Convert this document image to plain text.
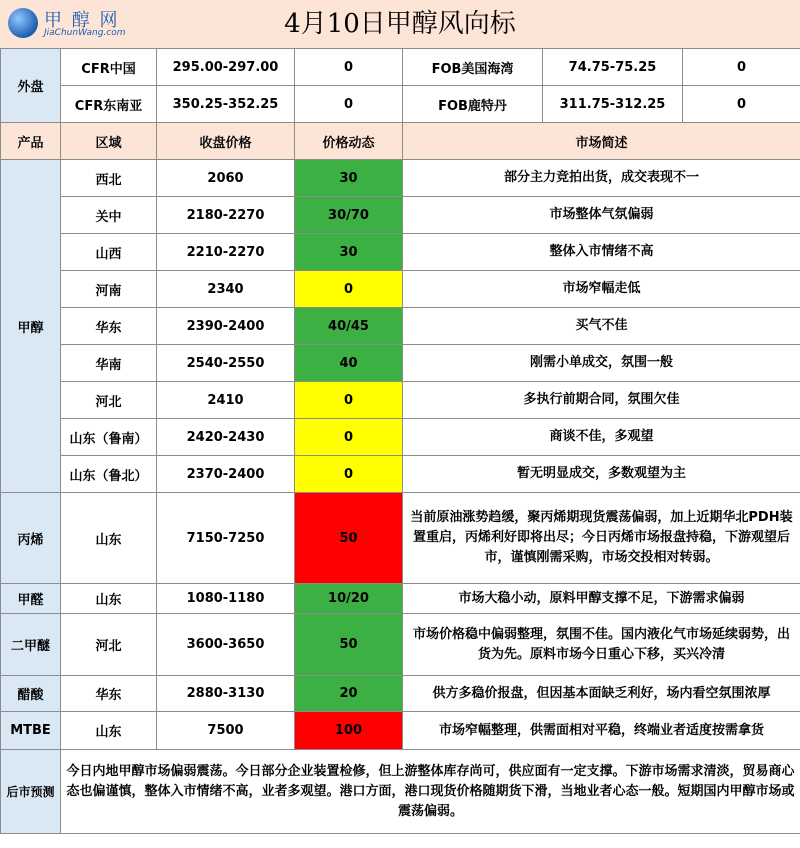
4月10日甲醇风向标
甲 醇 网
JiaChunWang.com
外盘	CFR中国	295.00-297.00	0	FOB美国海湾	74.75-75.25	0
	CFR东南亚	350.25-352.25	0	FOB鹿特丹	311.75-312.25	0
产品	区域	收盘价格	价格动态	市场简述		
甲醇	西北	2060	30	部分主力竞拍出货，成交表现不一		
	关中	2180-2270	30/70	市场整体气氛偏弱		
	山西	2210-2270	30	整体入市情绪不高		
	河南	2340	0	市场窄幅走低		
	华东	2390-2400	40/45	买气不佳		
	华南	2540-2550	40	刚需小单成交，氛围一般		
	河北	2410	0	多执行前期合同，氛围欠佳		
	山东（鲁南）	2420-2430	0	商谈不佳，多观望		
	山东（鲁北）	2370-2400	0	暂无明显成交，多数观望为主		
丙烯	山东	7150-7250	50	当前原油涨势趋缓，聚丙烯期现货震荡偏弱，加上近期华北PDH装置重启，丙烯利好即将出尽；今日丙烯市场报盘持稳，下游观望后市，谨慎刚需采购，市场交投相对转弱。		
甲醛	山东	1080-1180	10/20	市场大稳小动，原料甲醇支撑不足，下游需求偏弱		
二甲醚	河北	3600-3650	50	市场价格稳中偏弱整理，氛围不佳。国内液化气市场延续弱势，出货为先。原料市场今日重心下移，买兴冷清		
醋酸	华东	2880-3130	20	供方多稳价报盘，但因基本面缺乏利好，场内看空氛围浓厚		
MTBE	山东	7500	100	市场窄幅整理，供需面相对平稳，终端业者适度按需拿货		
后市预测	今日内地甲醇市场偏弱震荡。今日部分企业装置检修，但上游整体库存尚可，供应面有一定支撑。下游市场需求清淡，贸易商心态也偏谨慎，整体入市情绪不高，业者多观望。港口方面，港口现货价格随期货下滑，当地业者心态一般。短期国内甲醇市场或震荡偏弱。					
